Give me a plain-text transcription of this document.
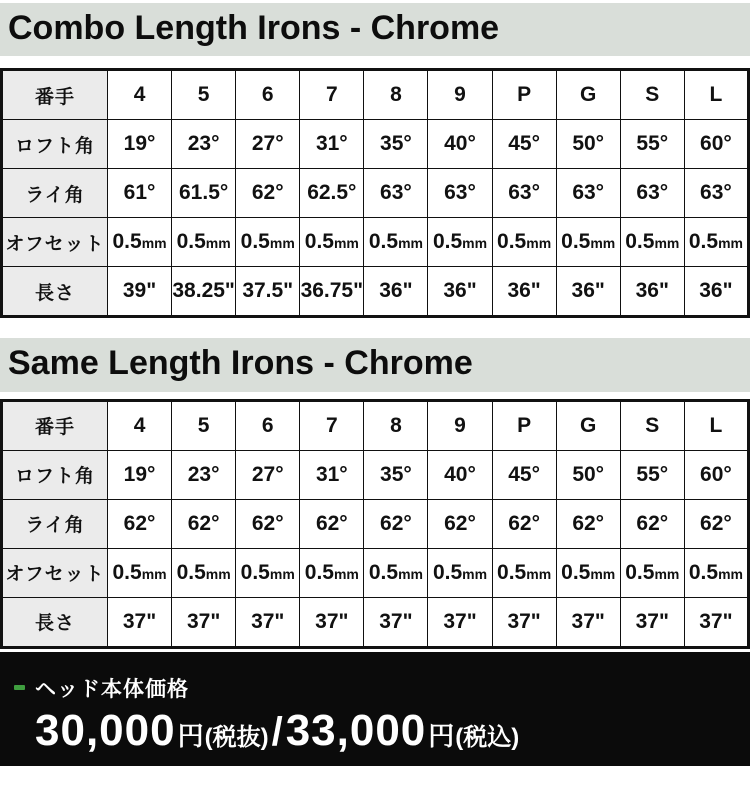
Combo Length Irons - Chrome
番手	4	5	6	7	8	9	P	G	S	L
ロフト角	19°	23°	27°	31°	35°	40°	45°	50°	55°	60°
ライ角	61°	61.5°	62°	62.5°	63°	63°	63°	63°	63°	63°
オフセット	0.5mm	0.5mm	0.5mm	0.5mm	0.5mm	0.5mm	0.5mm	0.5mm	0.5mm	0.5mm
長さ	39"	38.25"	37.5"	36.75"	36"	36"	36"	36"	36"	36"
Same Length Irons - Chrome
番手	4	5	6	7	8	9	P	G	S	L
ロフト角	19°	23°	27°	31°	35°	40°	45°	50°	55°	60°
ライ角	62°	62°	62°	62°	62°	62°	62°	62°	62°	62°
オフセット	0.5mm	0.5mm	0.5mm	0.5mm	0.5mm	0.5mm	0.5mm	0.5mm	0.5mm	0.5mm
長さ	37"	37"	37"	37"	37"	37"	37"	37"	37"	37"
ヘッド本体価格
30,000 円 (税抜) / 33,000 円 (税込)
